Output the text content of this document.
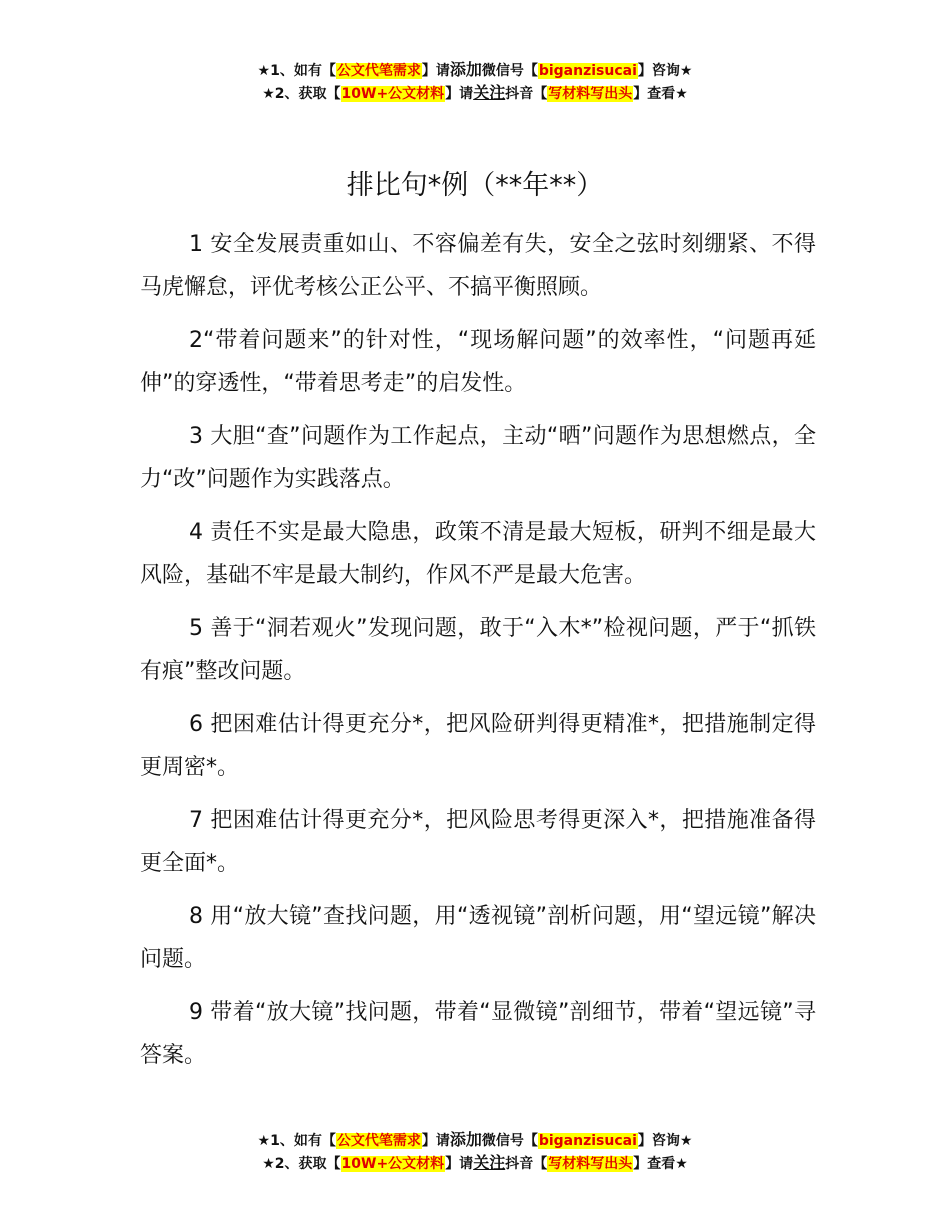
★1、如有【公文代笔需求】请添加微信号【biganzisucai】咨询★
★2、获取【10W+公文材料】请关注抖音【写材料写出头】查看★
排比句*例（**年**）

1 安全发展责重如山、不容偏差有失，安全之弦时刻绷紧、不得马虎懈怠，评优考核公正公平、不搞平衡照顾。

2“带着问题来”的针对性，“现场解问题”的效率性，“问题再延伸”的穿透性，“带着思考走”的启发性。

3 大胆“查”问题作为工作起点，主动“晒”问题作为思想燃点，全力“改”问题作为实践落点。

4 责任不实是最大隐患，政策不清是最大短板，研判不细是最大风险，基础不牢是最大制约，作风不严是最大危害。

5 善于“洞若观火”发现问题，敢于“入木*”检视问题，严于“抓铁有痕”整改问题。

6 把困难估计得更充分*，把风险研判得更精准*，把措施制定得更周密*。

7 把困难估计得更充分*，把风险思考得更深入*，把措施准备得更全面*。

8 用“放大镜”查找问题，用“透视镜”剖析问题，用“望远镜”解决问题。

9 带着“放大镜”找问题，带着“显微镜”剖细节，带着“望远镜”寻答案。

★1、如有【公文代笔需求】请添加微信号【biganzisucai】咨询★
★2、获取【10W+公文材料】请关注抖音【写材料写出头】查看★
